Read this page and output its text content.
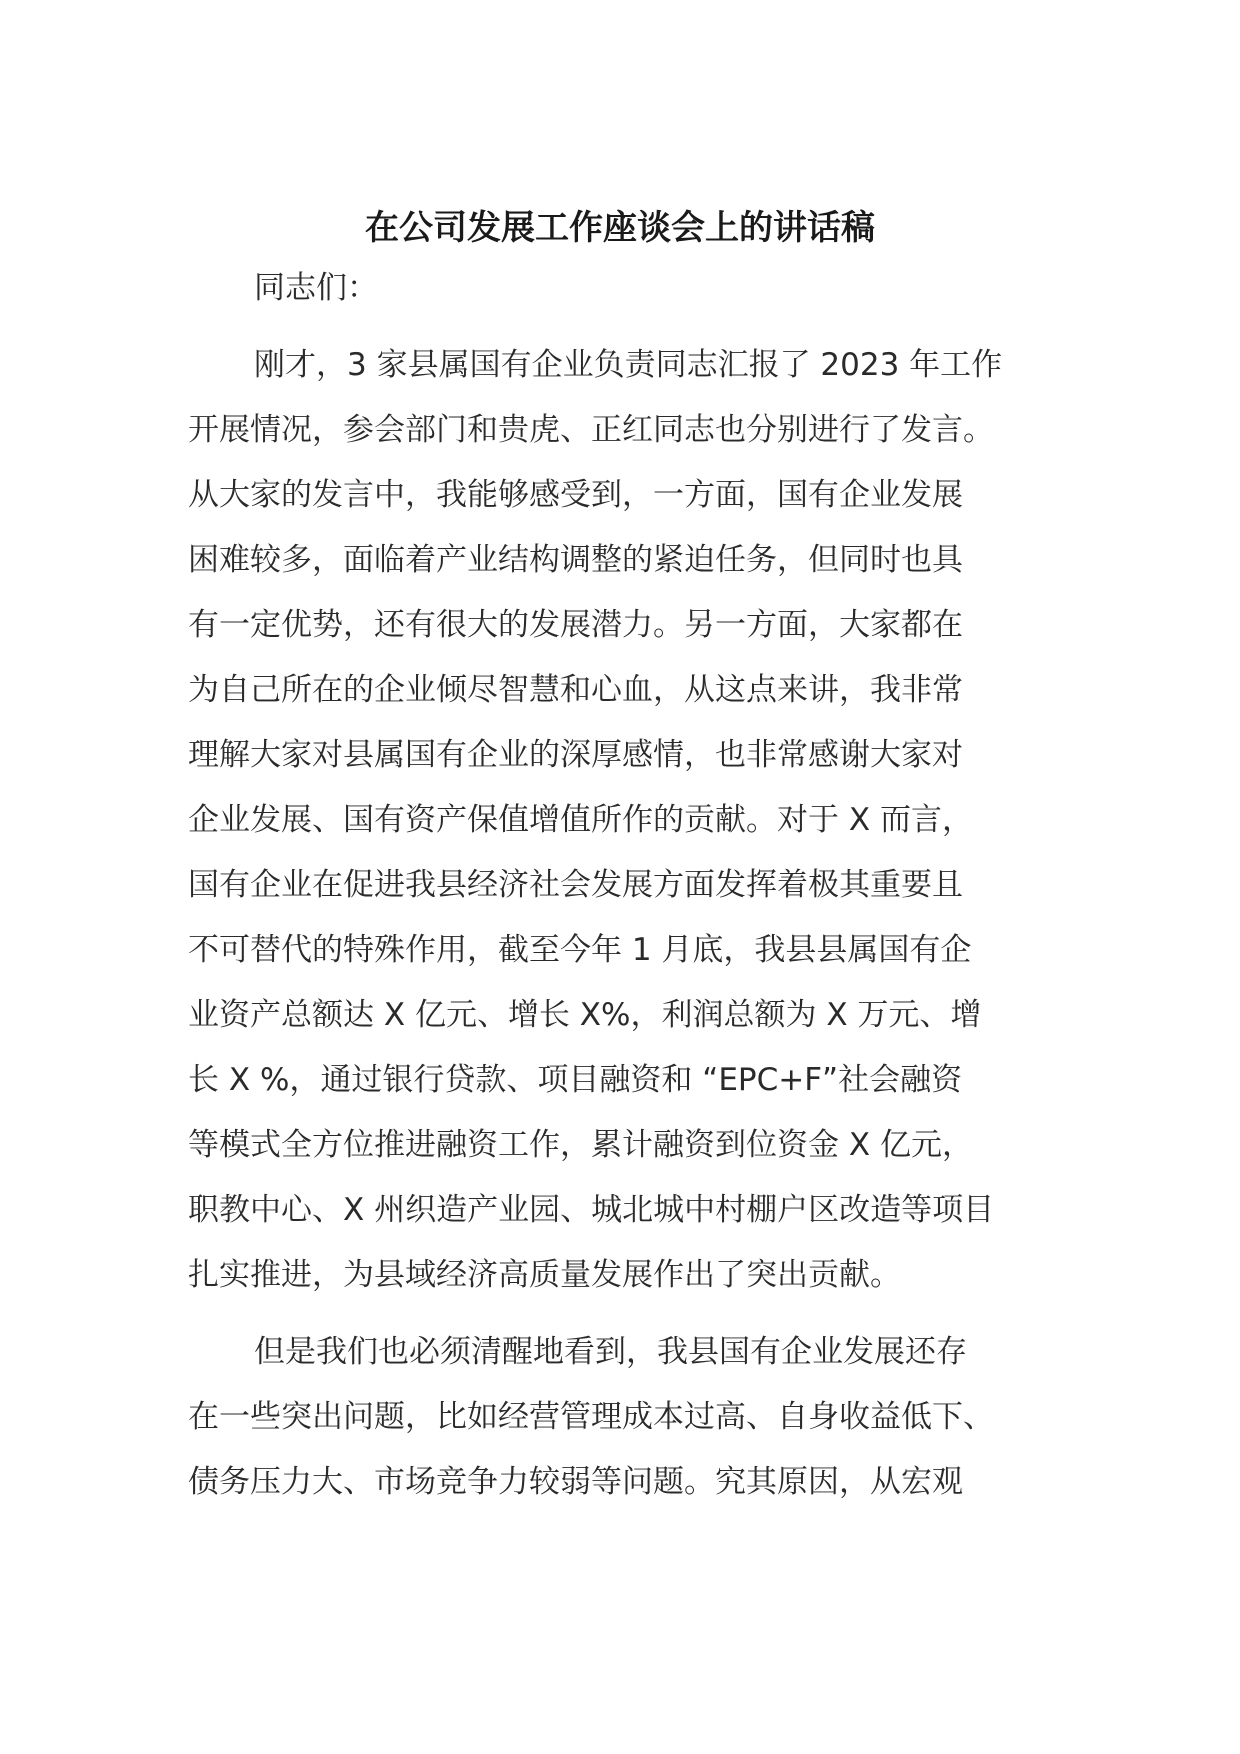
在公司发展工作座谈会上的讲话稿
同志们：
刚才，3 家县属国有企业负责同志汇报了 2023 年工作
开展情况，参会部门和贵虎、正红同志也分别进行了发言。
从大家的发言中，我能够感受到，一方面，国有企业发展
困难较多，面临着产业结构调整的紧迫任务，但同时也具
有一定优势，还有很大的发展潜力。另一方面，大家都在
为自己所在的企业倾尽智慧和心血，从这点来讲，我非常
理解大家对县属国有企业的深厚感情，也非常感谢大家对
企业发展、国有资产保值增值所作的贡献。对于 X 而言，
国有企业在促进我县经济社会发展方面发挥着极其重要且
不可替代的特殊作用，截至今年 1 月底，我县县属国有企
业资产总额达 X 亿元、增长 X%，利润总额为 X 万元、增
长 X %，通过银行贷款、项目融资和 “EPC+F”社会融资
等模式全方位推进融资工作，累计融资到位资金 X 亿元，
职教中心、X 州织造产业园、城北城中村棚户区改造等项目
扎实推进，为县域经济高质量发展作出了突出贡献。
但是我们也必须清醒地看到，我县国有企业发展还存
在一些突出问题，比如经营管理成本过高、自身收益低下、
债务压力大、市场竞争力较弱等问题。究其原因，从宏观
